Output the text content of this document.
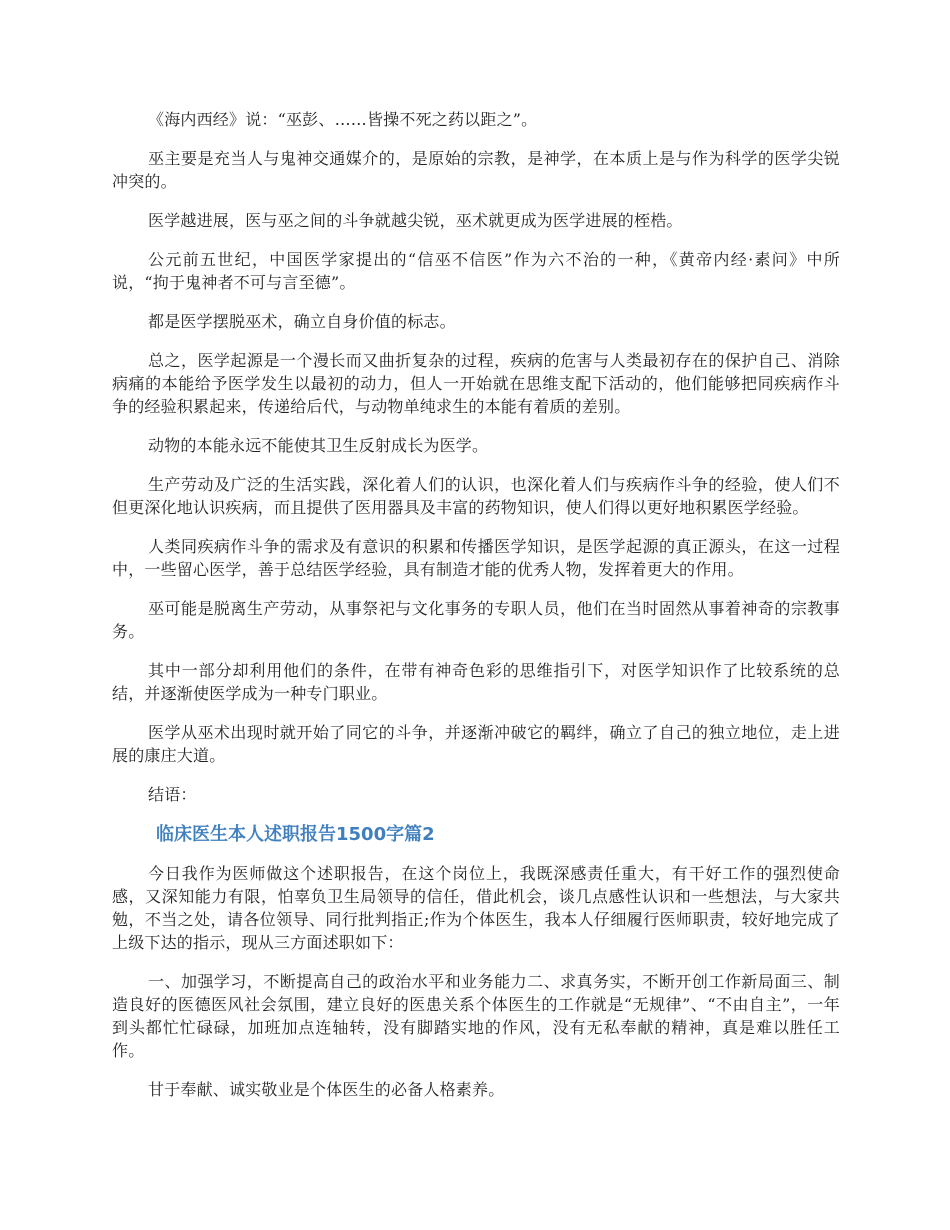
《海内西经》说：“巫彭、……皆操不死之药以距之”。

巫主要是充当人与鬼神交通媒介的，是原始的宗教，是神学，在本质上是与作为科学的医学尖锐冲突的。

医学越进展，医与巫之间的斗争就越尖锐，巫术就更成为医学进展的桎梏。

公元前五世纪，中国医学家提出的“信巫不信医”作为六不治的一种，《黄帝内经·素问》中所说，“拘于鬼神者不可与言至德”。

都是医学摆脱巫术，确立自身价值的标志。

总之，医学起源是一个漫长而又曲折复杂的过程，疾病的危害与人类最初存在的保护自己、消除病痛的本能给予医学发生以最初的动力，但人一开始就在思维支配下活动的，他们能够把同疾病作斗争的经验积累起来，传递给后代，与动物单纯求生的本能有着质的差别。

动物的本能永远不能使其卫生反射成长为医学。

生产劳动及广泛的生活实践，深化着人们的认识，也深化着人们与疾病作斗争的经验，使人们不但更深化地认识疾病，而且提供了医用器具及丰富的药物知识，使人们得以更好地积累医学经验。

人类同疾病作斗争的需求及有意识的积累和传播医学知识，是医学起源的真正源头，在这一过程中，一些留心医学，善于总结医学经验，具有制造才能的优秀人物，发挥着更大的作用。

巫可能是脱离生产劳动，从事祭祀与文化事务的专职人员，他们在当时固然从事着神奇的宗教事务。

其中一部分却利用他们的条件，在带有神奇色彩的思维指引下，对医学知识作了比较系统的总结，并逐渐使医学成为一种专门职业。

医学从巫术出现时就开始了同它的斗争，并逐渐冲破它的羁绊，确立了自己的独立地位，走上进展的康庄大道。

结语：

临床医生本人述职报告1500字篇2

今日我作为医师做这个述职报告，在这个岗位上，我既深感责任重大，有干好工作的强烈使命感，又深知能力有限，怕辜负卫生局领导的信任，借此机会，谈几点感性认识和一些想法，与大家共勉，不当之处，请各位领导、同行批判指正;作为个体医生，我本人仔细履行医师职责，较好地完成了上级下达的指示，现从三方面述职如下：

一、加强学习，不断提高自己的政治水平和业务能力二、求真务实，不断开创工作新局面三、制造良好的医德医风社会氛围，建立良好的医患关系个体医生的工作就是“无规律”、“不由自主”，一年到头都忙忙碌碌，加班加点连轴转，没有脚踏实地的作风，没有无私奉献的精神，真是难以胜任工作。

甘于奉献、诚实敬业是个体医生的必备人格素养。
